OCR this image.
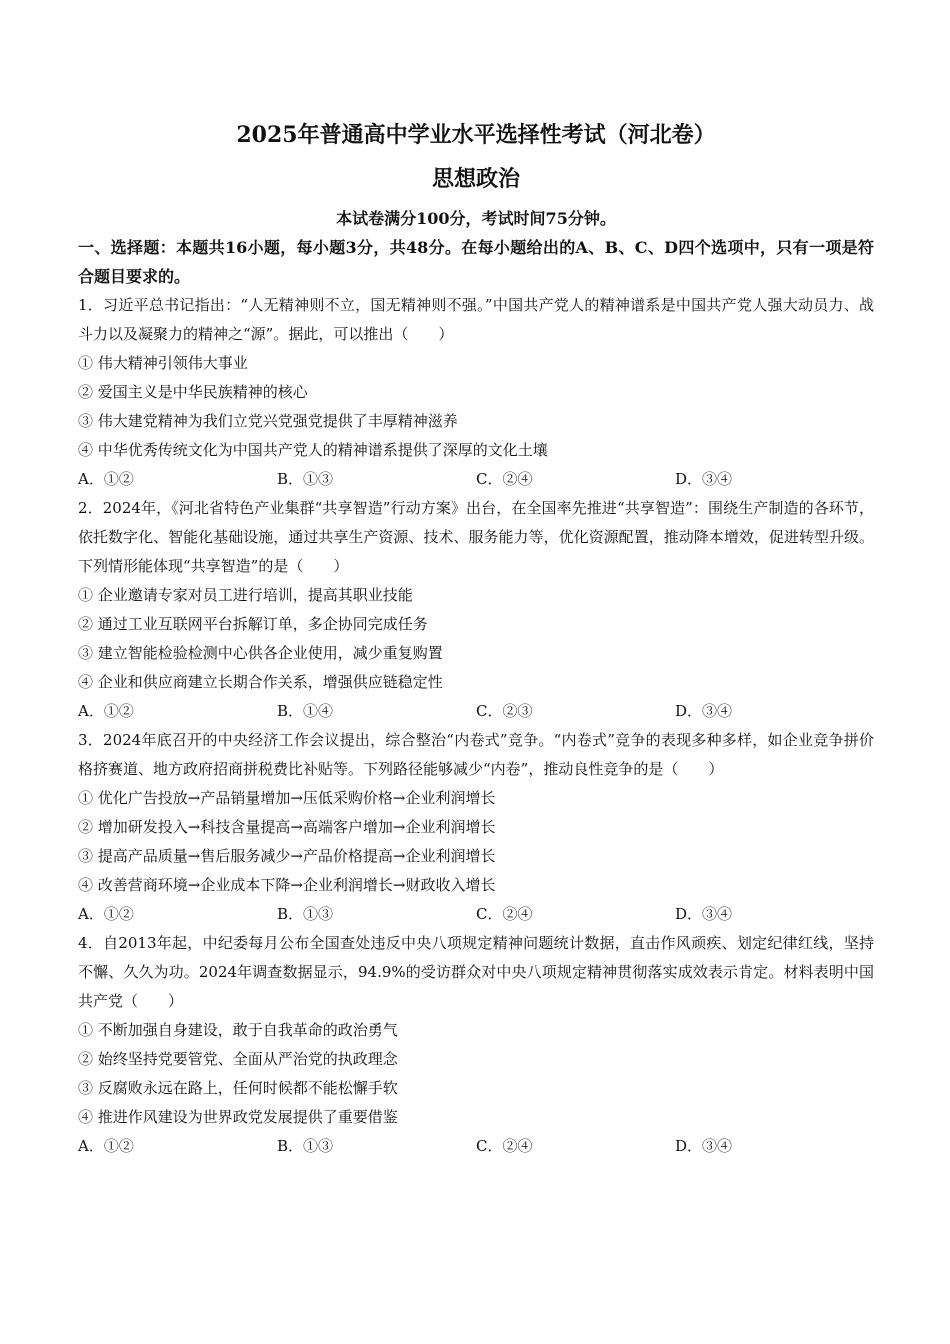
2025年普通高中学业水平选择性考试（河北卷）
思想政治
本试卷满分100分，考试时间75分钟。
一、选择题：本题共16小题，每小题3分，共48分。在每小题给出的A、B、C、D四个选项中，只有一项是符合题目要求的。
1．习近平总书记指出：“人无精神则不立，国无精神则不强。”中国共产党人的精神谱系是中国共产党人强大动员力、战斗力以及凝聚力的精神之“源”。据此，可以推出（　　）
① 伟大精神引领伟大事业
② 爱国主义是中华民族精神的核心
③ 伟大建党精神为我们立党兴党强党提供了丰厚精神滋养
④ 中华优秀传统文化为中国共产党人的精神谱系提供了深厚的文化土壤
A．①②	B．①③	C．②④	D．③④
2．2024年，《河北省特色产业集群“共享智造”行动方案》出台，在全国率先推进“共享智造”：围绕生产制造的各环节，依托数字化、智能化基础设施，通过共享生产资源、技术、服务能力等，优化资源配置，推动降本增效，促进转型升级。下列情形能体现“共享智造”的是（　　）
① 企业邀请专家对员工进行培训，提高其职业技能
② 通过工业互联网平台拆解订单，多企协同完成任务
③ 建立智能检验检测中心供各企业使用，减少重复购置
④ 企业和供应商建立长期合作关系，增强供应链稳定性
A．①②	B．①④	C．②③	D．③④
3．2024年底召开的中央经济工作会议提出，综合整治“内卷式”竞争。“内卷式”竞争的表现多种多样，如企业竞争拼价格挤赛道、地方政府招商拼税费比补贴等。下列路径能够减少“内卷”，推动良性竞争的是（　　）
① 优化广告投放→产品销量增加→压低采购价格→企业利润增长
② 增加研发投入→科技含量提高→高端客户增加→企业利润增长
③ 提高产品质量→售后服务减少→产品价格提高→企业利润增长
④ 改善营商环境→企业成本下降→企业利润增长→财政收入增长
A．①②	B．①③	C．②④	D．③④
4．自2013年起，中纪委每月公布全国查处违反中央八项规定精神问题统计数据，直击作风顽疾、划定纪律红线，坚持不懈、久久为功。2024年调查数据显示，94.9%的受访群众对中央八项规定精神贯彻落实成效表示肯定。材料表明中国共产党（　　）
① 不断加强自身建设，敢于自我革命的政治勇气
② 始终坚持党要管党、全面从严治党的执政理念
③ 反腐败永远在路上，任何时候都不能松懈手软
④ 推进作风建设为世界政党发展提供了重要借鉴
A．①②	B．①③	C．②④	D．③④
